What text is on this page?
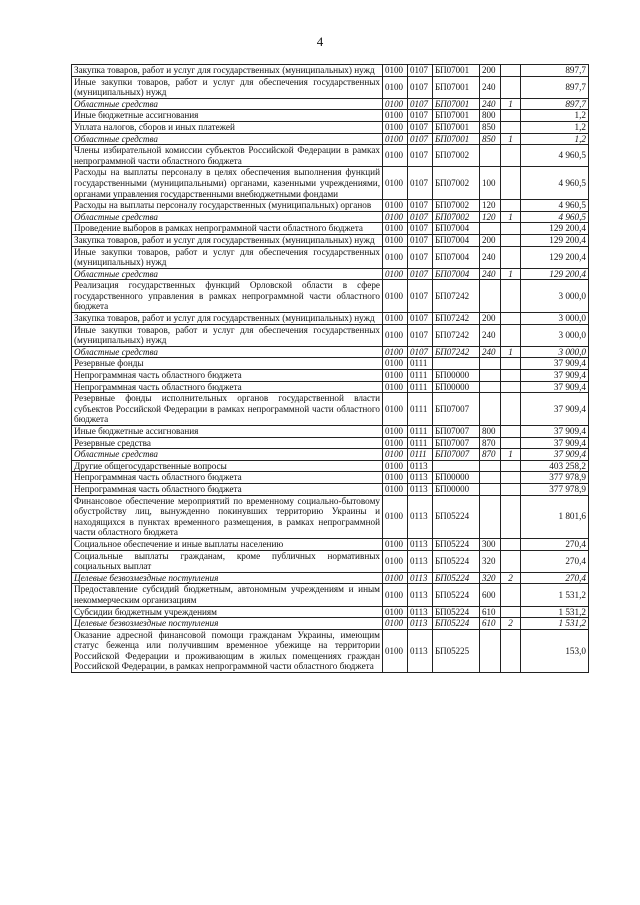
4
Закупка товаров, работ и услуг для государственных (муниципальных) нужд	0100	0107	БП07001	200		897,7
Иные закупки товаров, работ и услуг для обеспечения государственных (муниципальных) нужд	0100	0107	БП07001	240		897,7
Областные средства	0100	0107	БП07001	240	1	897,7
Иные бюджетные ассигнования	0100	0107	БП07001	800		1,2
Уплата налогов, сборов и иных платежей	0100	0107	БП07001	850		1,2
Областные средства	0100	0107	БП07001	850	1	1,2
Члены избирательной комиссии субъектов Российской Федерации в рамках непрограммной части областного бюджета	0100	0107	БП07002			4 960,5
Расходы на выплаты персоналу в целях обеспечения выполнения функций государственными (муниципальными) органами, казенными учреждениями, органами управления государственными внебюджетными фондами	0100	0107	БП07002	100		4 960,5
Расходы на выплаты персоналу государственных (муниципальных) органов	0100	0107	БП07002	120		4 960,5
Областные средства	0100	0107	БП07002	120	1	4 960,5
Проведение выборов в рамках непрограммной части областного бюджета	0100	0107	БП07004			129 200,4
Закупка товаров, работ и услуг для государственных (муниципальных) нужд	0100	0107	БП07004	200		129 200,4
Иные закупки товаров, работ и услуг для обеспечения государственных (муниципальных) нужд	0100	0107	БП07004	240		129 200,4
Областные средства	0100	0107	БП07004	240	1	129 200,4
Реализация государственных функций Орловской области в сфере государственного управления в рамках непрограммной части областного бюджета	0100	0107	БП07242			3 000,0
Закупка товаров, работ и услуг для государственных (муниципальных) нужд	0100	0107	БП07242	200		3 000,0
Иные закупки товаров, работ и услуг для обеспечения государственных (муниципальных) нужд	0100	0107	БП07242	240		3 000,0
Областные средства	0100	0107	БП07242	240	1	3 000,0
Резервные фонды	0100	0111				37 909,4
Непрограммная часть областного бюджета	0100	0111	БП00000			37 909,4
Непрограммная часть областного бюджета	0100	0111	БП00000			37 909,4
Резервные фонды исполнительных органов государственной власти субъектов Российской Федерации в рамках непрограммной части областного бюджета	0100	0111	БП07007			37 909,4
Иные бюджетные ассигнования	0100	0111	БП07007	800		37 909,4
Резервные средства	0100	0111	БП07007	870		37 909,4
Областные средства	0100	0111	БП07007	870	1	37 909,4
Другие общегосударственные вопросы	0100	0113				403 258,2
Непрограммная часть областного бюджета	0100	0113	БП00000			377 978,9
Непрограммная часть областного бюджета	0100	0113	БП00000			377 978,9
Финансовое обеспечение мероприятий по временному социально-бытовому обустройству лиц, вынужденно покинувших территорию Украины и находящихся в пунктах временного размещения, в рамках непрограммной части областного бюджета	0100	0113	БП05224			1 801,6
Социальное обеспечение и иные выплаты населению	0100	0113	БП05224	300		270,4
Социальные выплаты гражданам, кроме публичных нормативных социальных выплат	0100	0113	БП05224	320		270,4
Целевые безвозмездные поступления	0100	0113	БП05224	320	2	270,4
Предоставление субсидий бюджетным, автономным учреждениям и иным некоммерческим организациям	0100	0113	БП05224	600		1 531,2
Субсидии бюджетным учреждениям	0100	0113	БП05224	610		1 531,2
Целевые безвозмездные поступления	0100	0113	БП05224	610	2	1 531,2
Оказание адресной финансовой помощи гражданам Украины, имеющим статус беженца или получившим временное убежище на территории Российской Федерации и проживающим в жилых помещениях граждан Российской Федерации, в рамках непрограммной части областного бюджета	0100	0113	БП05225			153,0
